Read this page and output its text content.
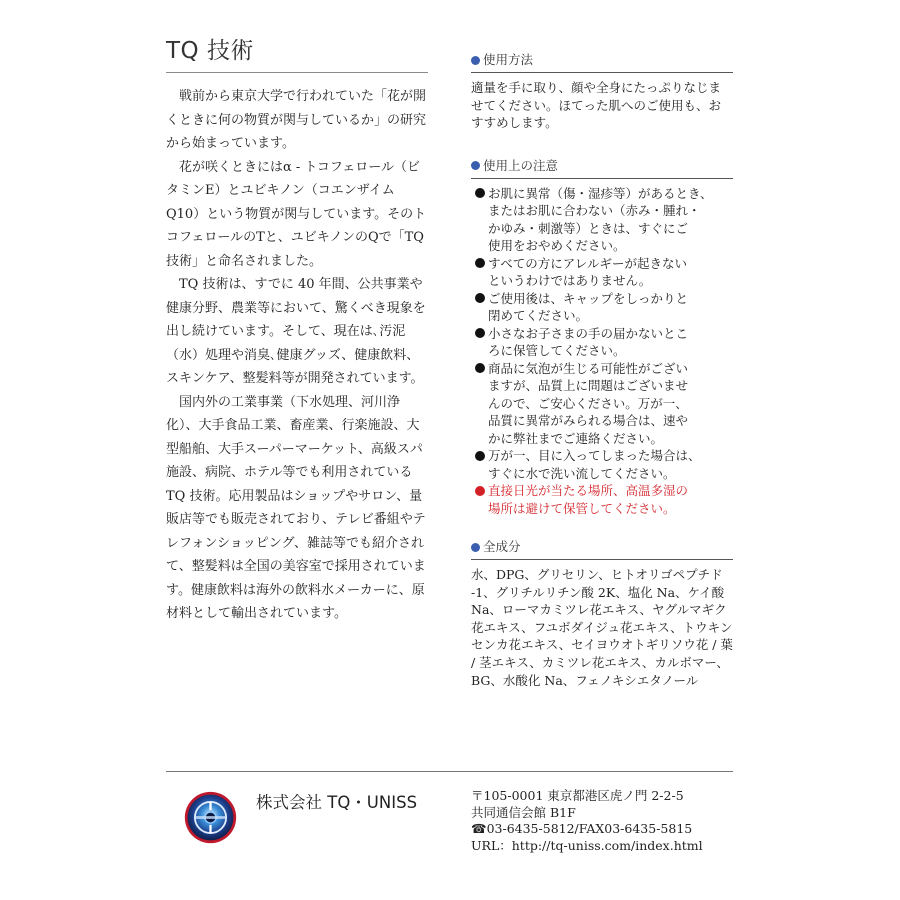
TQ 技術

戦前から東京大学で行われていた「花が開くときに何の物質が関与しているか」の研究から始まっています。

花が咲くときにはα - トコフェロール（ビタミンE）とユビキノン（コエンザイムQ10）という物質が関与しています。そのトコフェロールのTと、ユビキノンのQで「TQ 技術」と命名されました。

TQ 技術は、すでに 40 年間、公共事業や健康分野、農業等において、驚くべき現象を出し続けています。そして、現在は､汚泥（水）処理や消臭､健康グッズ、健康飲料、スキンケア、整髪料等が開発されています。

国内外の工業事業（下水処理、河川浄化）、大手食品工業、畜産業、行楽施設、大型船舶、大手スーパーマーケット、高級スパ施設、病院、ホテル等でも利用されている TQ 技術。応用製品はショップやサロン、量販店等でも販売されており、テレビ番組やテレフォンショッピング、雑誌等でも紹介されて、整髪料は全国の美容室で採用されています。健康飲料は海外の飲料水メーカーに、原材料として輸出されています。

使用方法
適量を手に取り、顔や全身にたっぷりなじませてください。ほてった肌へのご使用も、おすすめします。
使用上の注意
お肌に異常（傷・湿疹等）があるとき、
またはお肌に合わない（赤み・腫れ・
かゆみ・刺激等）ときは、すぐにご
使用をおやめください。
すべての方にアレルギーが起きない
というわけではありません。
ご使用後は、キャップをしっかりと
閉めてください。
小さなお子さまの手の届かないとこ
ろに保管してください。
商品に気泡が生じる可能性がござい
ますが、品質上に問題はございませ
んので、ご安心ください。万が一、
品質に異常がみられる場合は、速や
かに弊社までご連絡ください。
万が一、目に入ってしまった場合は、
すぐに水で洗い流してください。
直接日光が当たる場所、高温多湿の
場所は避けて保管してください。
全成分
水、DPG、グリセリン、ヒトオリゴペプチド -1、グリチルリチン酸 2K、塩化 Na、ケイ酸 Na、ローマカミツレ花エキス、ヤグルマギク花エキス、フユボダイジュ花エキス、トウキンセンカ花エキス、セイヨウオトギリソウ花 / 葉 / 茎エキス、カミツレ花エキス、カルボマー、BG、水酸化 Na、フェノキシエタノール
株式会社 TQ・UNISS	〒105-0001 東京都港区虎ノ門 2-2-5
共同通信会館 B1F
☎03-6435-5812/FAX03-6435-5815
URL：http://tq-uniss.com/index.html
